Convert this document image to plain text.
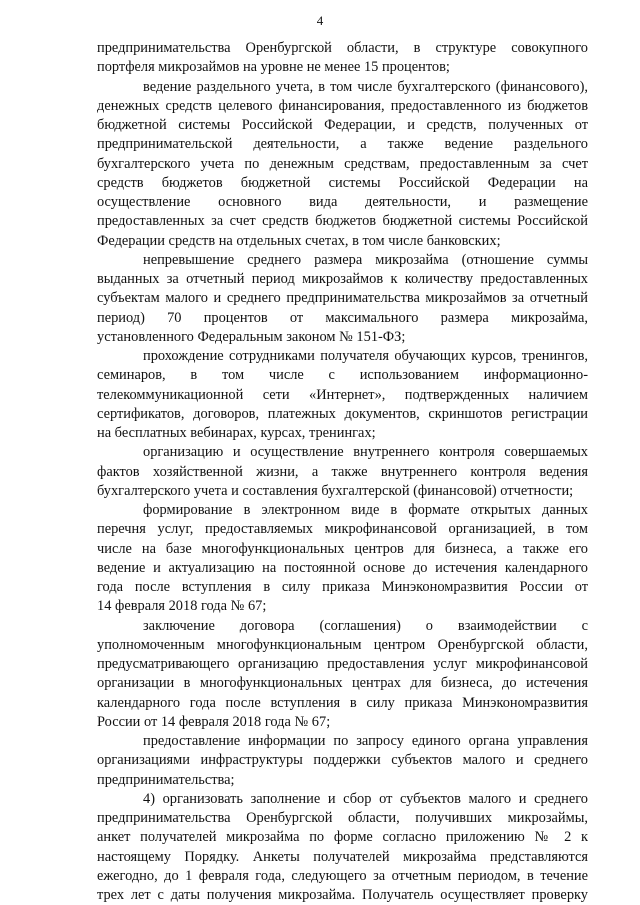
4
предпринимательства Оренбургской области, в структуре совокупного
портфеля микрозаймов на уровне не менее 15 процентов;
ведение раздельного учета, в том числе бухгалтерского (финансового),
денежных средств целевого финансирования, предоставленного из бюджетов
бюджетной системы Российской Федерации, и средств, полученных от
предпринимательской деятельности, а также ведение раздельного
бухгалтерского учета по денежным средствам, предоставленным за счет
средств бюджетов бюджетной системы Российской Федерации на
осуществление основного вида деятельности, и размещение
предоставленных за счет средств бюджетов бюджетной системы Российской
Федерации средств на отдельных счетах, в том числе банковских;
непревышение среднего размера микрозайма (отношение суммы
выданных за отчетный период микрозаймов к количеству предоставленных
субъектам малого и среднего предпринимательства микрозаймов за отчетный
период) 70 процентов от максимального размера микрозайма,
установленного Федеральным законом № 151-ФЗ;
прохождение сотрудниками получателя обучающих курсов, тренингов,
семинаров, в том числе с использованием информационно-
телекоммуникационной сети «Интернет», подтвержденных наличием
сертификатов, договоров, платежных документов, скриншотов регистрации
на бесплатных вебинарах, курсах, тренингах;
организацию и осуществление внутреннего контроля совершаемых
фактов хозяйственной жизни, а также внутреннего контроля ведения
бухгалтерского учета и составления бухгалтерской (финансовой) отчетности;
формирование в электронном виде в формате открытых данных
перечня услуг, предоставляемых микрофинансовой организацией, в том
числе на базе многофункциональных центров для бизнеса, а также его
ведение и актуализацию на постоянной основе до истечения календарного
года после вступления в силу приказа Минэкономразвития России от
14 февраля 2018 года № 67;
заключение договора (соглашения) о взаимодействии с
уполномоченным многофункциональным центром Оренбургской области,
предусматривающего организацию предоставления услуг микрофинансовой
организации в многофункциональных центрах для бизнеса, до истечения
календарного года после вступления в силу приказа Минэкономразвития
России от 14 февраля 2018 года № 67;
предоставление информации по запросу единого органа управления
организациями инфраструктуры поддержки субъектов малого и среднего
предпринимательства;
4) организовать заполнение и сбор от субъектов малого и среднего
предпринимательства Оренбургской области, получивших микрозаймы,
анкет получателей микрозайма по форме согласно приложению № 2 к
настоящему Порядку. Анкеты получателей микрозайма представляются
ежегодно, до 1 февраля года, следующего за отчетным периодом, в течение
трех лет с даты получения микрозайма. Получатель осуществляет проверку
